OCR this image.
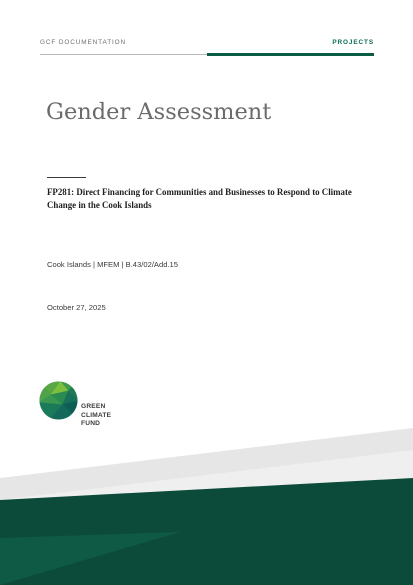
GCF DOCUMENTATION	PROJECTS
Gender Assessment
FP281: Direct Financing for Communities and Businesses to Respond to Climate Change in the Cook Islands
Cook Islands | MFEM | B.43/02/Add.15
October 27, 2025
GREEN
CLIMATE
FUND
